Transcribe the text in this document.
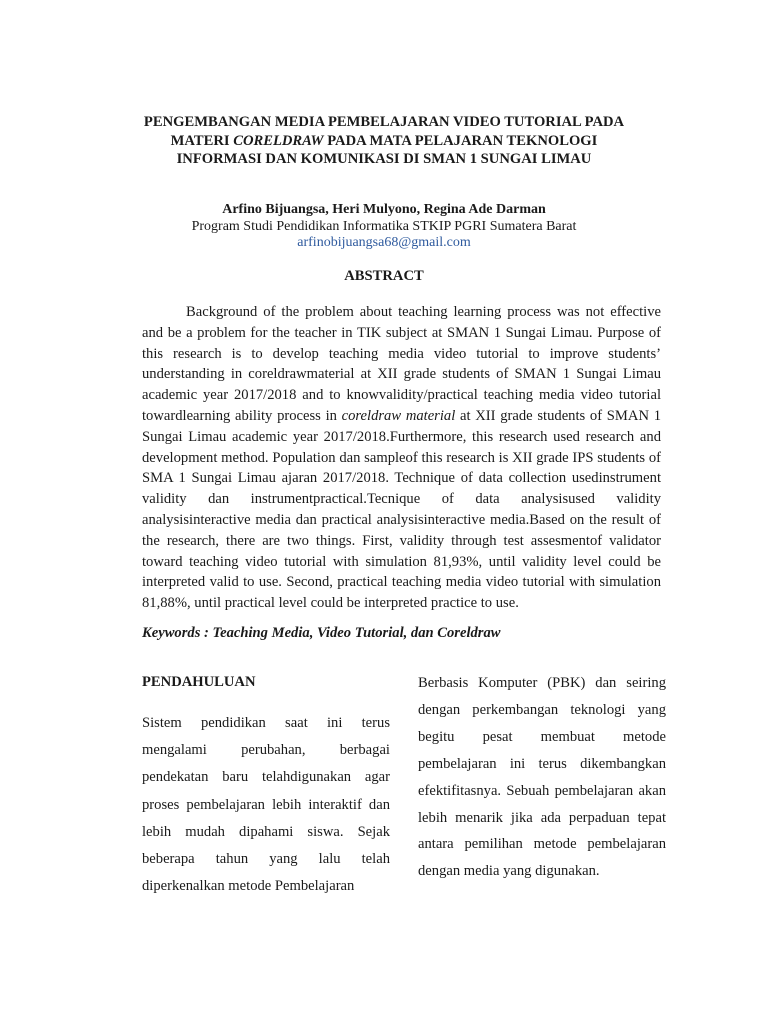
PENGEMBANGAN MEDIA PEMBELAJARAN VIDEO TUTORIAL PADA
MATERI CORELDRAW PADA MATA PELAJARAN TEKNOLOGI
INFORMASI DAN KOMUNIKASI DI SMAN 1 SUNGAI LIMAU
Arfino Bijuangsa, Heri Mulyono, Regina Ade Darman
Program Studi Pendidikan Informatika STKIP PGRI Sumatera Barat
arfinobijuangsa68@gmail.com
ABSTRACT

Background of the problem about teaching learning process was not effective and be a problem for the teacher in TIK subject at SMAN 1 Sungai Limau. Purpose of this research is to develop teaching media video tutorial to improve students’ understanding in coreldrawmaterial at XII grade students of SMAN 1 Sungai Limau academic year 2017/2018 and to knowvalidity/practical teaching media video tutorial towardlearning ability process in coreldraw material at XII grade students of SMAN 1 Sungai Limau academic year 2017/2018.Furthermore, this research used research and development method. Population dan sampleof this research is XII grade IPS students of SMA 1 Sungai Limau ajaran 2017/2018. Technique of data collection usedinstrument validity dan instrumentpractical.Tecnique of data analysisused validity analysisinteractive media dan practical analysisinteractive media.Based on the result of the research, there are two things. First, validity through test assesmentof validator toward teaching video tutorial with simulation 81,93%, until validity level could be interpreted valid to use. Second, practical teaching media video tutorial with simulation 81,88%, until practical level could be interpreted practice to use.

Keywords : Teaching Media, Video Tutorial, dan Coreldraw
PENDAHULUAN

Sistem pendidikan saat ini terus mengalami perubahan, berbagai pendekatan baru telahdigunakan agar proses pembelajaran lebih interaktif dan lebih mudah dipahami siswa. Sejak beberapa tahun yang lalu telah diperkenalkan metode Pembelajaran

Berbasis Komputer (PBK) dan seiring dengan perkembangan teknologi yang begitu pesat membuat metode pembelajaran ini terus dikembangkan efektifitasnya. Sebuah pembelajaran akan lebih menarik jika ada perpaduan tepat antara pemilihan metode pembelajaran dengan media yang digunakan.
